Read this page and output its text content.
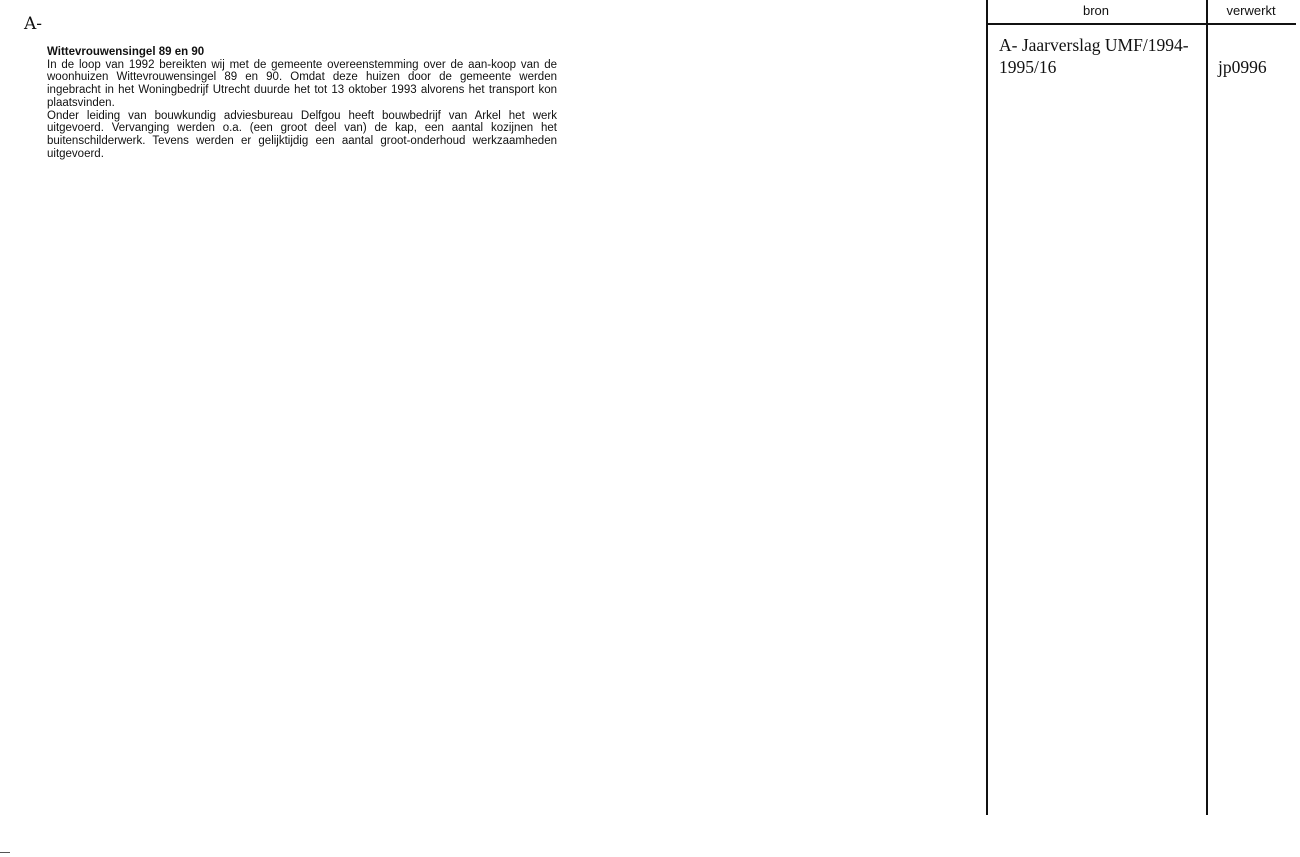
A-

Wittevrouwensingel 89 en 90

In de loop van 1992 bereikten wij met de gemeente overeenstemming over de aan-koop van de woonhuizen Wittevrouwensingel 89 en 90. Omdat deze huizen door de gemeente werden ingebracht in het Woningbedrijf Utrecht duurde het tot 13 oktober 1993 alvorens het transport kon plaatsvinden.

Onder leiding van bouwkundig adviesbureau Delfgou heeft bouwbedrijf van Arkel het werk uitgevoerd. Vervanging werden o.a. (een groot deel van) de kap, een aantal kozijnen het buitenschilderwerk. Tevens werden er gelijktijdig een aantal groot-onderhoud werkzaamheden uitgevoerd.

bron	verwerkt
A- Jaarverslag UMF/1994-1995/16	jp0996
